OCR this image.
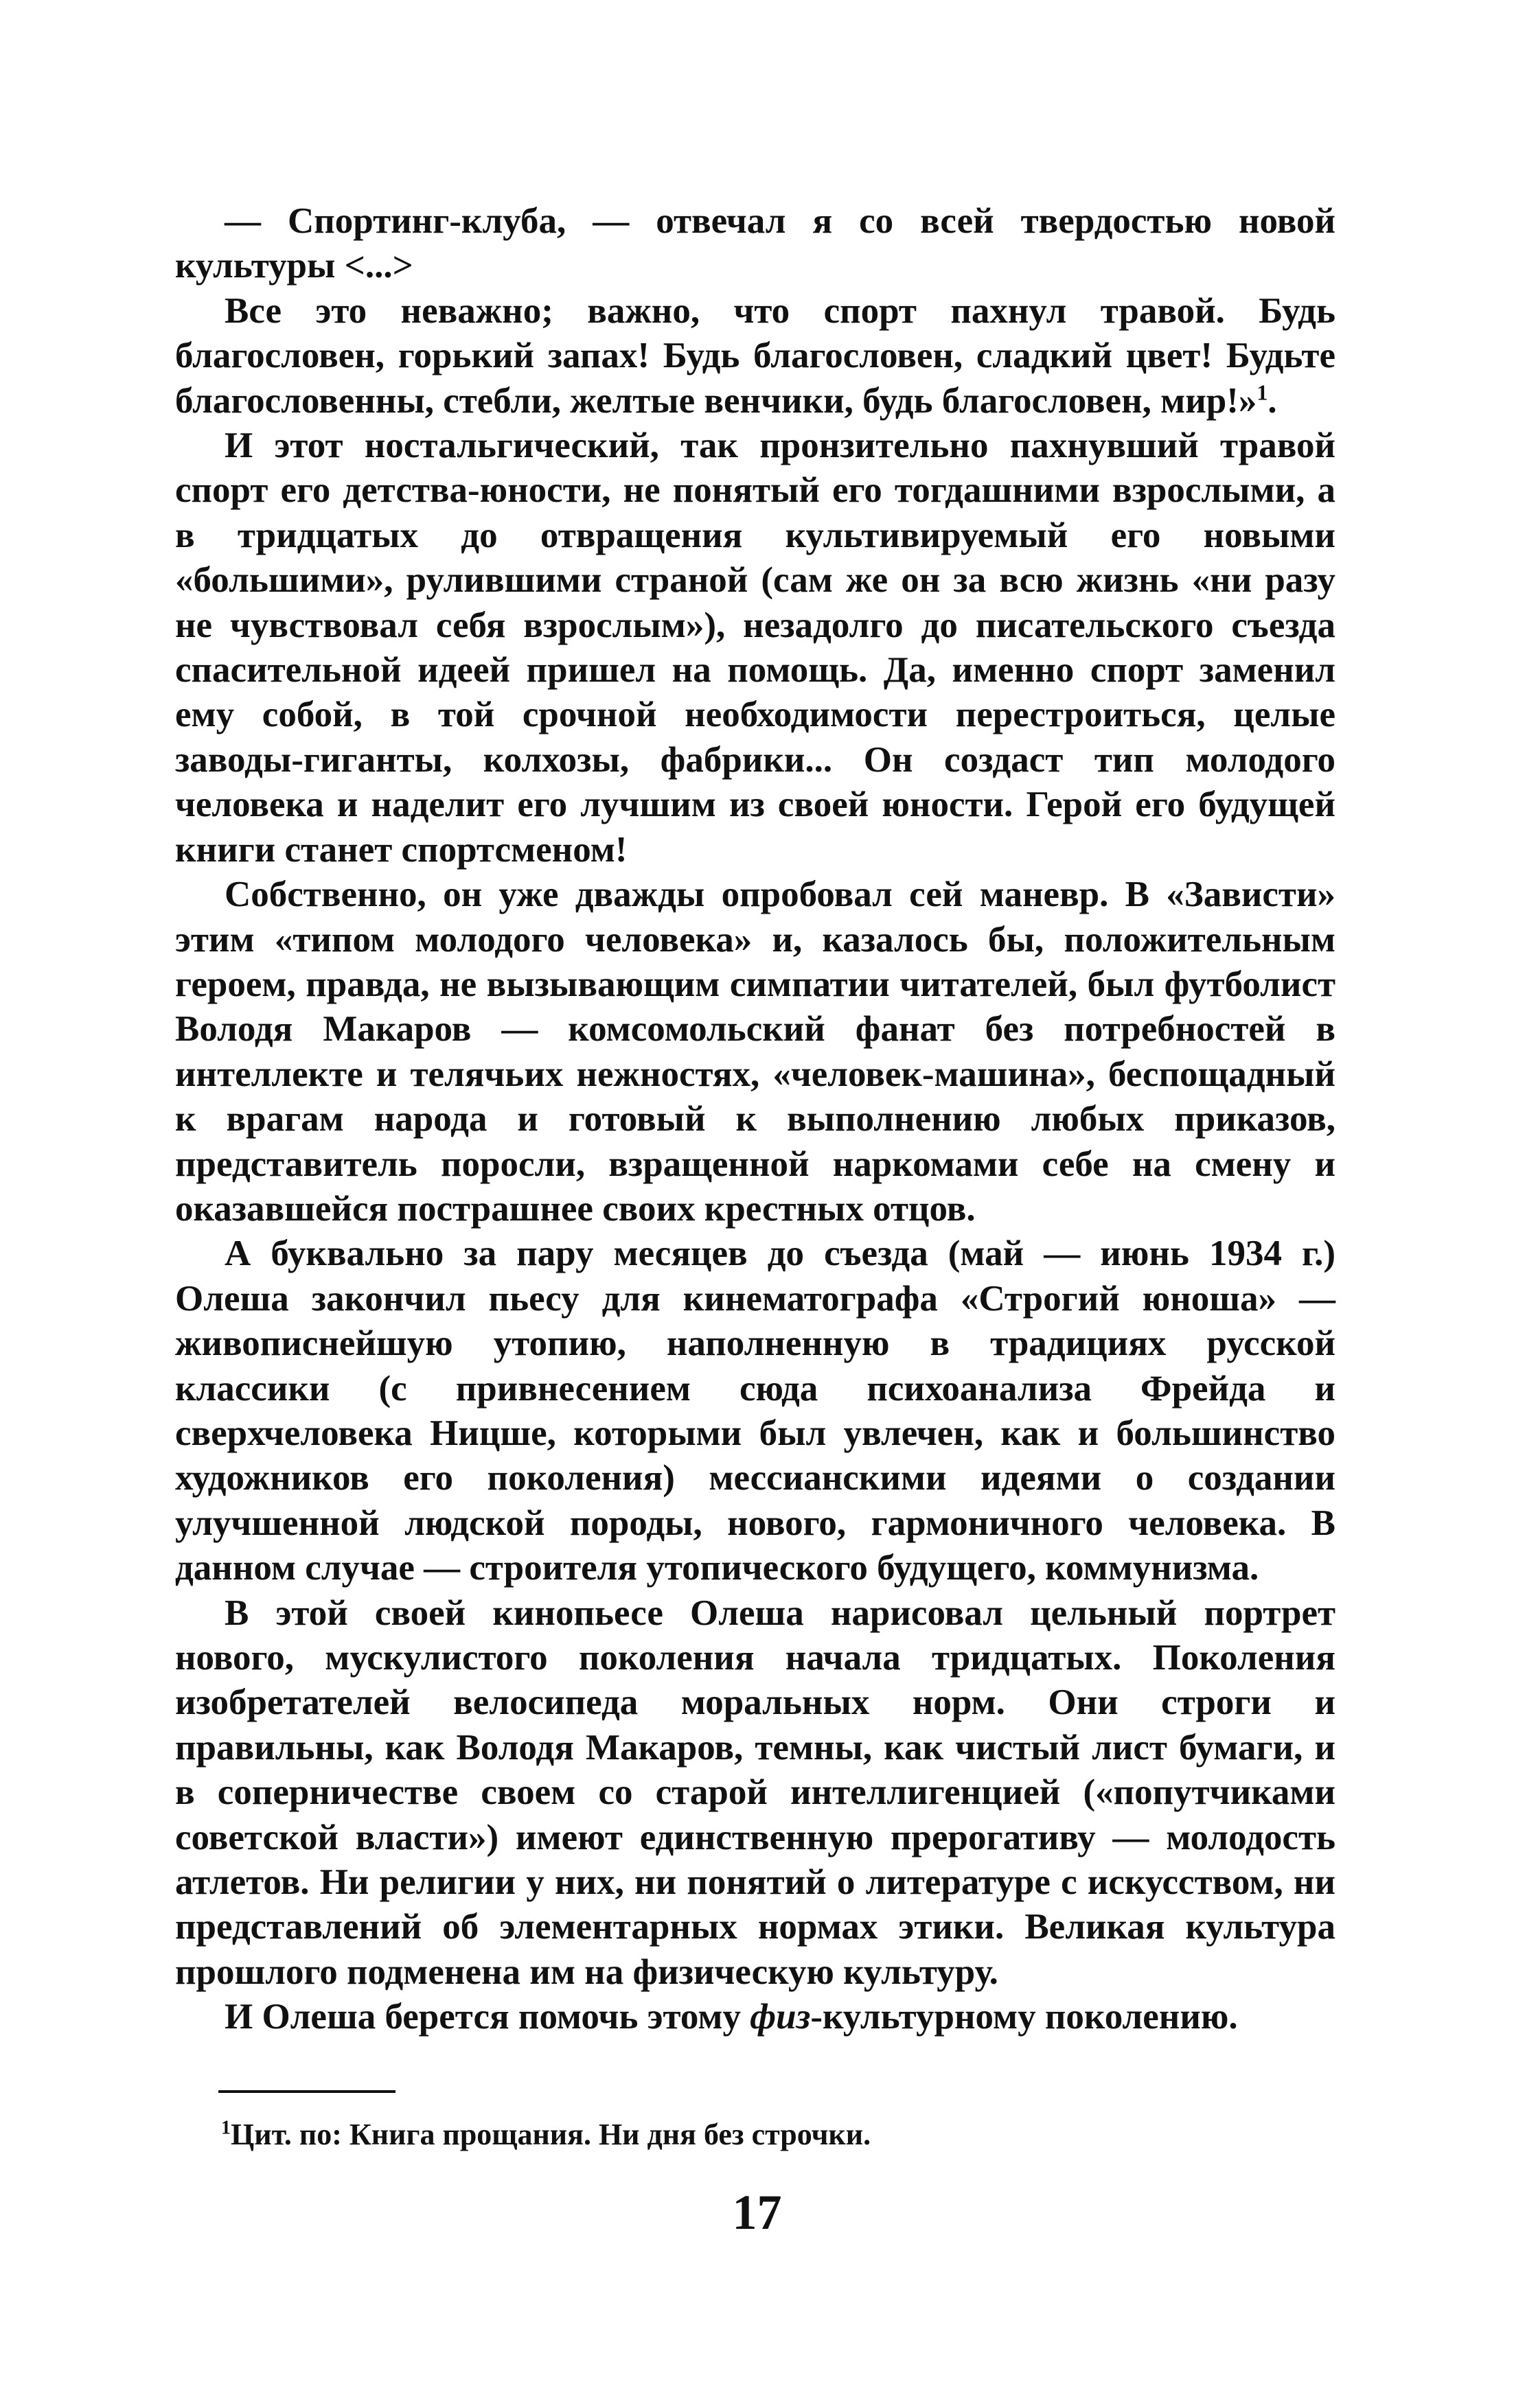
— Спортинг-клуба, — отвечал я со всей твердостью новой культуры <...>

Все это неважно; важно, что спорт пахнул травой. Будь благословен, горький запах! Будь благословен, сладкий цвет! Будьте благословенны, стебли, желтые венчики, будь благословен, мир!»$^1$.

И этот ностальгический, так пронзительно пахнувший травой спорт его детства-юности, не понятый его тогдашними взрослыми, а в тридцатых до отвращения культивируемый его новыми «большими», рулившими страной (сам же он за всю жизнь «ни разу не чувствовал себя взрослым»), незадолго до писательского съезда спасительной идеей пришел на помощь. Да, именно спорт заменил ему собой, в той срочной необходимости перестроиться, целые заводы-гиганты, колхозы, фабрики... Он создаст тип молодого человека и наделит его лучшим из своей юности. Герой его будущей книги станет спортсменом!

Собственно, он уже дважды опробовал сей маневр. В «Зависти» этим «типом молодого человека» и, казалось бы, положительным героем, правда, не вызывающим симпатии читателей, был футболист Володя Макаров — комсомольский фанат без потребностей в интеллекте и телячьих нежностях, «человек-машина», беспощадный к врагам народа и готовый к выполнению любых приказов, представитель поросли, взращенной наркомами себе на смену и оказавшейся пострашнее своих крестных отцов.

А буквально за пару месяцев до съезда (май — июнь 1934 г.) Олеша закончил пьесу для кинематографа «Строгий юноша» — живописнейшую утопию, наполненную в традициях русской классики (с привнесением сюда психоанализа Фрейда и сверхчеловека Ницше, которыми был увлечен, как и большинство художников его поколения) мессианскими идеями о создании улучшенной людской породы, нового, гармоничного человека. В данном случае — строителя утопического будущего, коммунизма.

В этой своей кинопьесе Олеша нарисовал цельный портрет нового, мускулистого поколения начала тридцатых. Поколения изобретателей велосипеда моральных норм. Они строги и правильны, как Володя Макаров, темны, как чистый лист бумаги, и в соперничестве своем со старой интеллигенцией («попутчиками советской власти») имеют единственную прерогативу — молодость атлетов. Ни религии у них, ни понятий о литературе с искусством, ни представлений об элементарных нормах этики. Великая культура прошлого подменена им на физическую культуру.

И Олеша берется помочь этому физ-культурному поколению.

$^1$Цит. по: Книга прощания. Ни дня без строчки.
17
